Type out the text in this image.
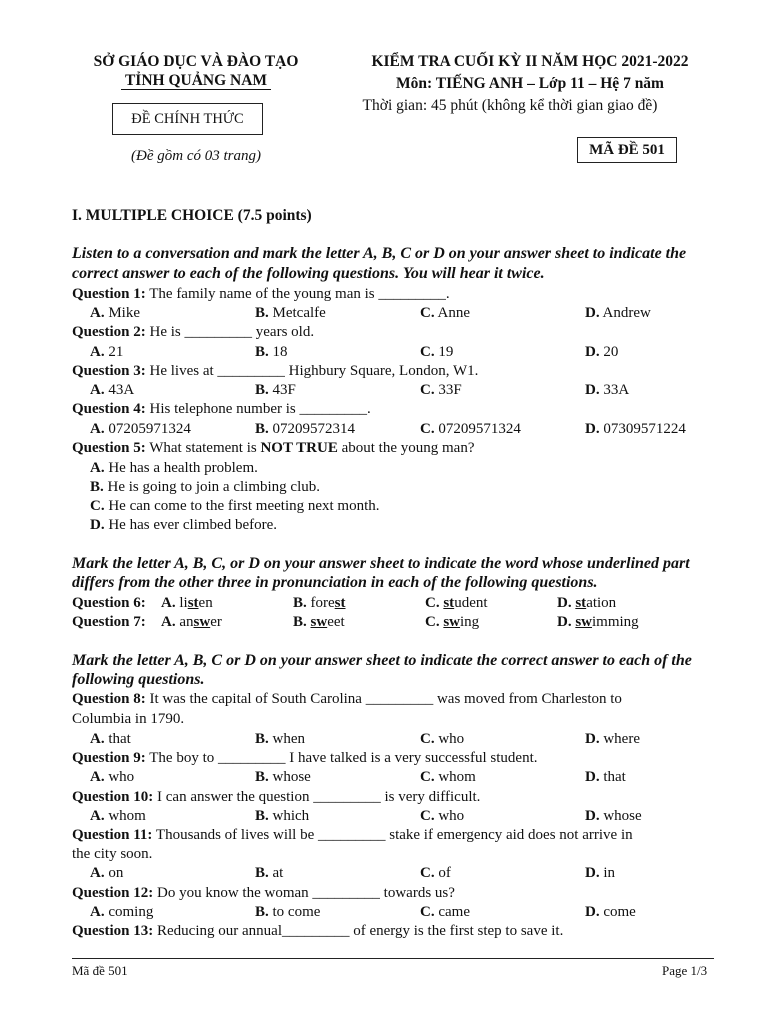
SỞ GIÁO DỤC VÀ ĐÀO TẠO
TỈNH QUẢNG NAM
ĐỀ CHÍNH THỨC
(Đề gồm có 03 trang)
KIỂM TRA CUỐI KỲ II NĂM HỌC 2021-2022
Môn: TIẾNG ANH – Lớp 11 – Hệ 7 năm
Thời gian: 45 phút (không kể thời gian giao đề)
MÃ ĐỀ 501
I. MULTIPLE CHOICE (7.5 points)
Listen to a conversation and mark the letter A, B, C or D on your answer sheet to indicate the
correct answer to each of the following questions. You will hear it twice.
Question 1: The family name of the young man is _________.
A. Mike	B. Metcalfe	C. Anne	D. Andrew
Question 2: He is _________ years old.
A. 21	B. 18	C. 19	D. 20
Question 3: He lives at _________ Highbury Square, London, W1.
A. 43A	B. 43F	C. 33F	D. 33A
Question 4: His telephone number is _________.
A. 07205971324	B. 07209572314	C. 07209571324	D. 07309571224
Question 5: What statement is NOT TRUE about the young man?
A. He has a health problem.
B. He is going to join a climbing club.
C. He can come to the first meeting next month.
D. He has ever climbed before.
Mark the letter A, B, C, or D on your answer sheet to indicate the word whose underlined part
differs from the other three in pronunciation in each of the following questions.
Question 6: A. listen	B. forest	C. student	D. station
Question 7: A. answer	B. sweet	C. swing	D. swimming
Mark the letter A, B, C or D on your answer sheet to indicate the correct answer to each of the
following questions.
Question 8: It was the capital of South Carolina _________ was moved from Charleston to
Columbia in 1790.
A. that	B. when	C. who	D. where
Question 9: The boy to _________ I have talked is a very successful student.
A. who	B. whose	C. whom	D. that
Question 10: I can answer the question _________ is very difficult.
A. whom	B. which	C. who	D. whose
Question 11: Thousands of lives will be _________ stake if emergency aid does not arrive in
the city soon.
A. on	B. at	C. of	D. in
Question 12: Do you know the woman _________ towards us?
A. coming	B. to come	C. came	D. come
Question 13: Reducing our annual_________ of energy is the first step to save it.
Mã đề 501	Page 1/3
